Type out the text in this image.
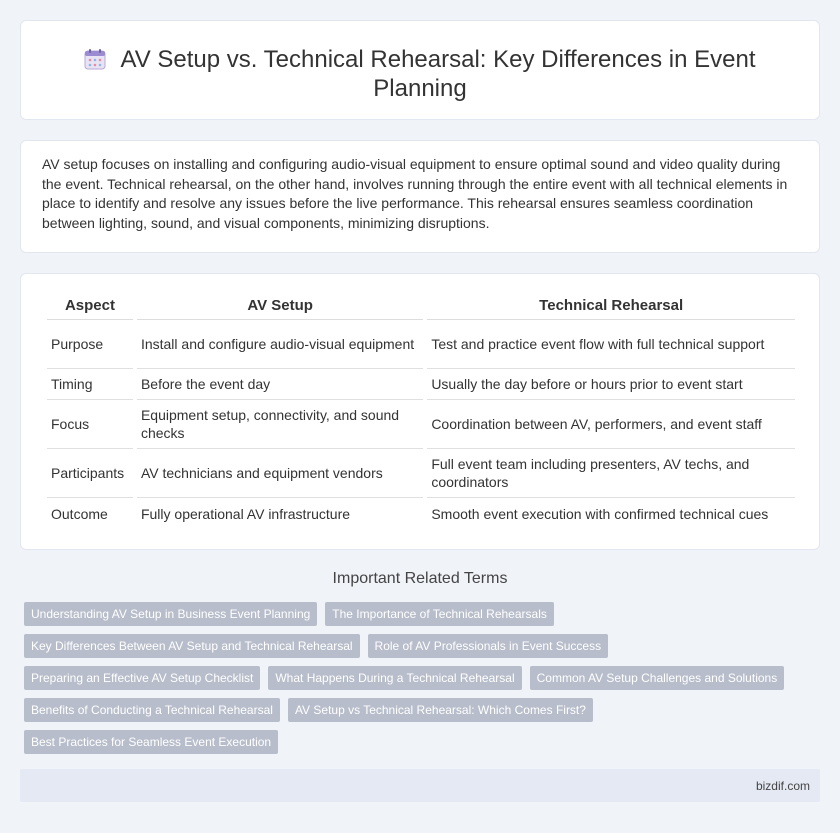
AV Setup vs. Technical Rehearsal: Key Differences in Event Planning

AV setup focuses on installing and configuring audio-visual equipment to ensure optimal sound and video quality during the event. Technical rehearsal, on the other hand, involves running through the entire event with all technical elements in place to identify and resolve any issues before the live performance. This rehearsal ensures seamless coordination between lighting, sound, and visual components, minimizing disruptions.

Aspect	AV Setup	Technical Rehearsal
Purpose	Install and configure audio-visual equipment	Test and practice event flow with full technical support
Timing	Before the event day	Usually the day before or hours prior to event start
Focus	Equipment setup, connectivity, and sound checks	Coordination between AV, performers, and event staff
Participants	AV technicians and equipment vendors	Full event team including presenters, AV techs, and coordinators
Outcome	Fully operational AV infrastructure	Smooth event execution with confirmed technical cues
Important Related Terms
Understanding AV Setup in Business Event Planning	The Importance of Technical Rehearsals
Key Differences Between AV Setup and Technical Rehearsal	Role of AV Professionals in Event Success
Preparing an Effective AV Setup Checklist	What Happens During a Technical Rehearsal	Common AV Setup Challenges and Solutions
Benefits of Conducting a Technical Rehearsal	AV Setup vs Technical Rehearsal: Which Comes First?
Best Practices for Seamless Event Execution
bizdif.com
